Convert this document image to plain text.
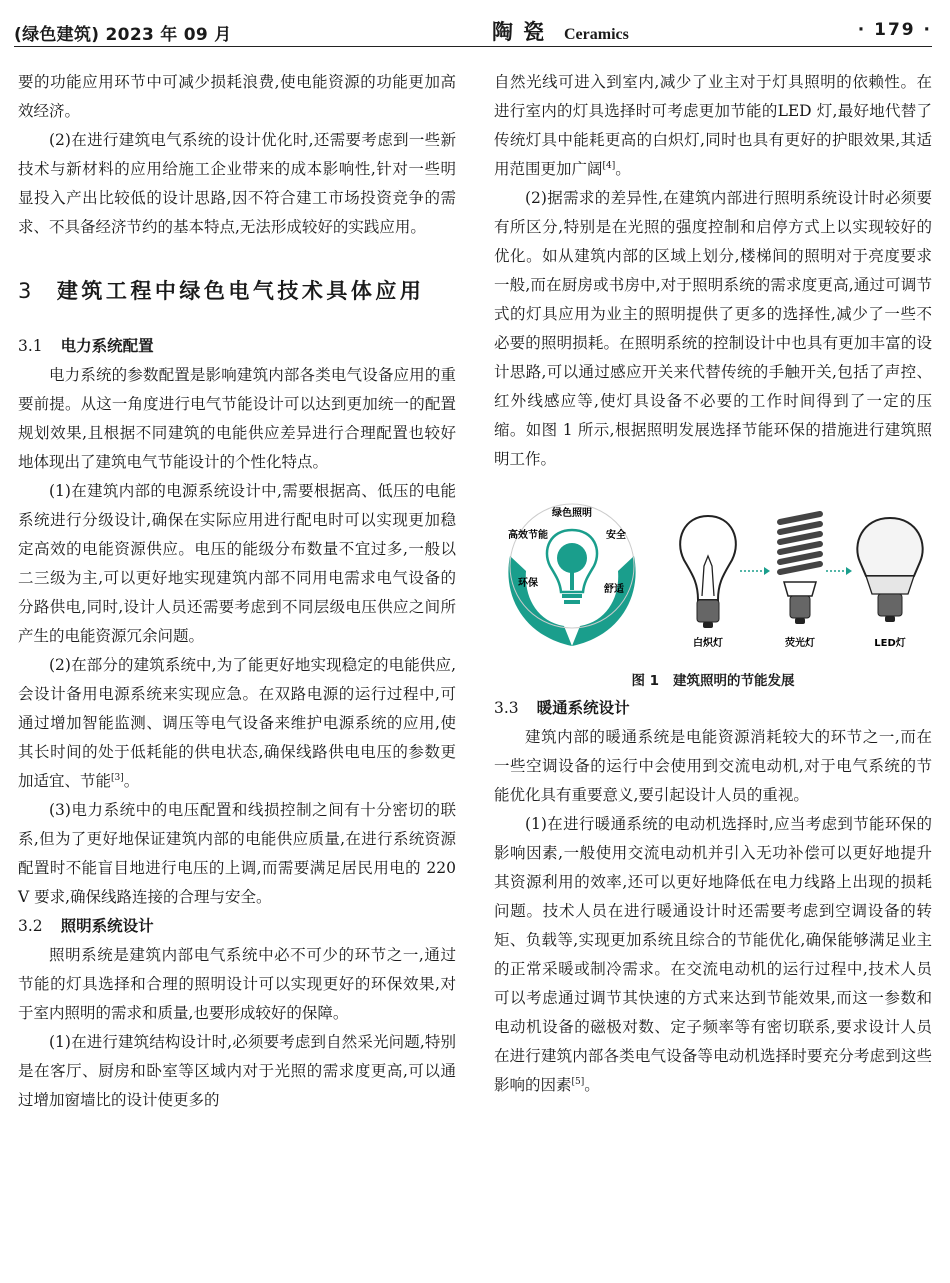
(绿色建筑) 2023 年 09 月	陶瓷 Ceramics	· 179 ·

要的功能应用环节中可减少损耗浪费,使电能资源的功能更加高效经济。

(2)在进行建筑电气系统的设计优化时,还需要考虑到一些新技术与新材料的应用给施工企业带来的成本影响性,针对一些明显投入产出比较低的设计思路,因不符合建工市场投资竞争的需求、不具备经济节约的基本特点,无法形成较好的实践应用。

3 建筑工程中绿色电气技术具体应用
3.1 电力系统配置

电力系统的参数配置是影响建筑内部各类电气设备应用的重要前提。从这一角度进行电气节能设计可以达到更加统一的配置规划效果,且根据不同建筑的电能供应差异进行合理配置也较好地体现出了建筑电气节能设计的个性化特点。

(1)在建筑内部的电源系统设计中,需要根据高、低压的电能系统进行分级设计,确保在实际应用进行配电时可以实现更加稳定高效的电能资源供应。电压的能级分布数量不宜过多,一般以二三级为主,可以更好地实现建筑内部不同用电需求电气设备的分路供电,同时,设计人员还需要考虑到不同层级电压供应之间所产生的电能资源冗余问题。

(2)在部分的建筑系统中,为了能更好地实现稳定的电能供应,会设计备用电源系统来实现应急。在双路电源的运行过程中,可通过增加智能监测、调压等电气设备来维护电源系统的应用,使其长时间的处于低耗能的供电状态,确保线路供电电压的参数更加适宜、节能[3]。

(3)电力系统中的电压配置和线损控制之间有十分密切的联系,但为了更好地保证建筑内部的电能供应质量,在进行系统资源配置时不能盲目地进行电压的上调,而需要满足居民用电的 220 V 要求,确保线路连接的合理与安全。

3.2 照明系统设计

照明系统是建筑内部电气系统中必不可少的环节之一,通过节能的灯具选择和合理的照明设计可以实现更好的环保效果,对于室内照明的需求和质量,也要形成较好的保障。

(1)在进行建筑结构设计时,必须要考虑到自然采光问题,特别是在客厅、厨房和卧室等区域内对于光照的需求度更高,可以通过增加窗墙比的设计使更多的

自然光线可进入到室内,减少了业主对于灯具照明的依赖性。在进行室内的灯具选择时可考虑更加节能的LED 灯,最好地代替了传统灯具中能耗更高的白炽灯,同时也具有更好的护眼效果,其适用范围更加广阔[4]。

(2)据需求的差异性,在建筑内部进行照明系统设计时必须要有所区分,特别是在光照的强度控制和启停方式上以实现较好的优化。如从建筑内部的区域上划分,楼梯间的照明对于亮度要求一般,而在厨房或书房中,对于照明系统的需求度更高,通过可调节式的灯具应用为业主的照明提供了更多的选择性,减少了一些不必要的照明损耗。在照明系统的控制设计中也具有更加丰富的设计思路,可以通过感应开关来代替传统的手触开关,包括了声控、红外线感应等,使灯具设备不必要的工作时间得到了一定的压缩。如图 1 所示,根据照明发展选择节能环保的措施进行建筑照明工作。

绿色照明
高效节能	安全
环保
舒适
白炽灯	荧光灯	LED灯
图 1 建筑照明的节能发展
3.3 暖通系统设计

建筑内部的暖通系统是电能资源消耗较大的环节之一,而在一些空调设备的运行中会使用到交流电动机,对于电气系统的节能优化具有重要意义,要引起设计人员的重视。

(1)在进行暖通系统的电动机选择时,应当考虑到节能环保的影响因素,一般使用交流电动机并引入无功补偿可以更好地提升其资源利用的效率,还可以更好地降低在电力线路上出现的损耗问题。技术人员在进行暖通设计时还需要考虑到空调设备的转矩、负载等,实现更加系统且综合的节能优化,确保能够满足业主的正常采暖或制冷需求。在交流电动机的运行过程中,技术人员可以考虑通过调节其快速的方式来达到节能效果,而这一参数和电动机设备的磁极对数、定子频率等有密切联系,要求设计人员在进行建筑内部各类电气设备等电动机选择时要充分考虑到这些影响的因素[5]。
